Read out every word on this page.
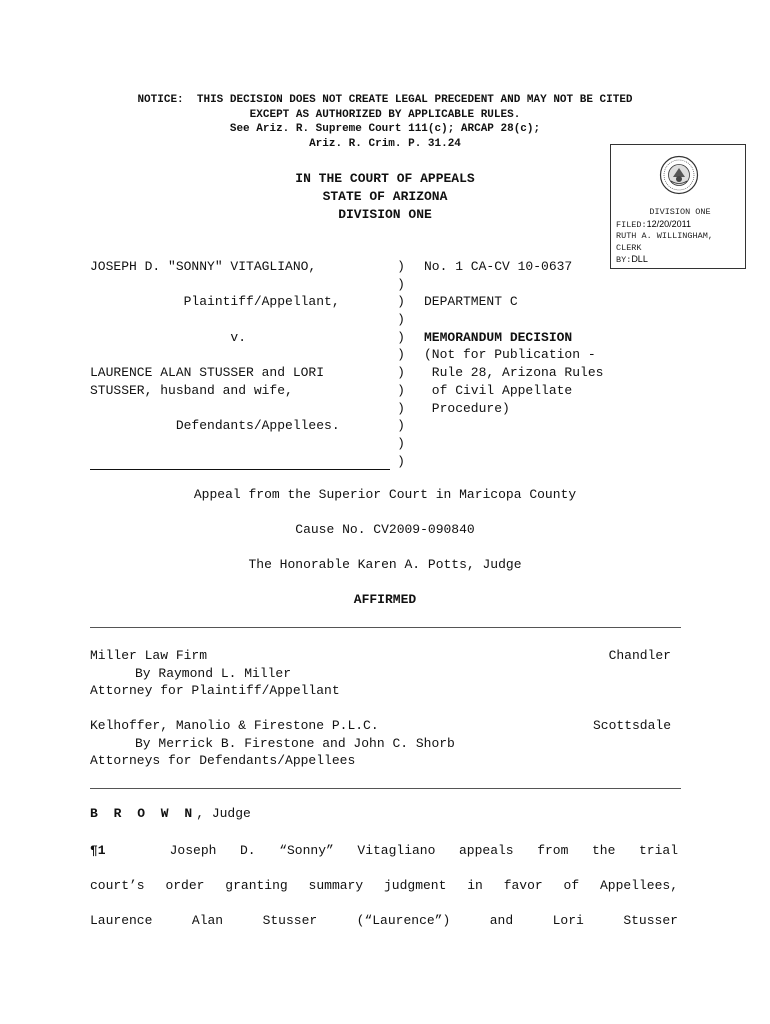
NOTICE:  THIS DECISION DOES NOT CREATE LEGAL PRECEDENT AND MAY NOT BE CITED
EXCEPT AS AUTHORIZED BY APPLICABLE RULES.
See Ariz. R. Supreme Court 111(c); ARCAP 28(c);
Ariz. R. Crim. P. 31.24
DIVISION ONE
FILED:12/20/2011
RUTH A. WILLINGHAM,
CLERK
BY:DLL
IN THE COURT OF APPEALS
STATE OF ARIZONA
DIVISION ONE
JOSEPH D. "SONNY" VITAGLIANO,	) No. 1 CA-CV 10-0637
)
Plaintiff/Appellant,	) DEPARTMENT C
)
v.	) MEMORANDUM DECISION
) (Not for Publication -
LAURENCE ALAN STUSSER and LORI	) Rule 28, Arizona Rules
STUSSER, husband and wife,	) of Civil Appellate
) Procedure)
Defendants/Appellees.	)
)

)
Appeal from the Superior Court in Maricopa County
Cause No. CV2009-090840
The Honorable Karen A. Potts, Judge
AFFIRMED
Miller Law Firm	Chandler
By Raymond L. Miller
Attorney for Plaintiff/Appellant
Kelhoffer, Manolio & Firestone P.L.C.	Scottsdale
By Merrick B. Firestone and John C. Shorb
Attorneys for Defendants/Appellees
B R O W N, Judge
¶1	Joseph D. “Sonny” Vitagliano appeals from the trial
court’s order granting summary judgment in favor of Appellees,
Laurence	Alan	Stusser	(“Laurence”)	and	Lori	Stusser
